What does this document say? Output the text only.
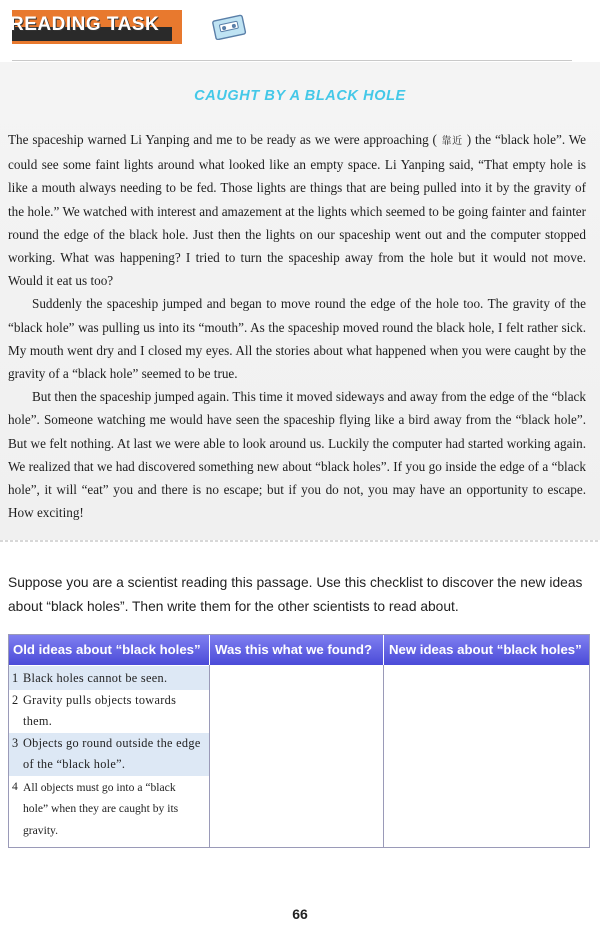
READING TASK
CAUGHT BY A BLACK HOLE

The spaceship warned Li Yanping and me to be ready as we were approaching ( 靠近 ) the “black hole”. We could see some faint lights around what looked like an empty space. Li Yanping said, “That empty hole is like a mouth always needing to be fed. Those lights are things that are being pulled into it by the gravity of the hole.” We watched with interest and amazement at the lights which seemed to be going fainter and fainter round the edge of the black hole. Just then the lights on our spaceship went out and the computer stopped working. What was happening? I tried to turn the spaceship away from the hole but it would not move. Would it eat us too?

Suddenly the spaceship jumped and began to move round the edge of the hole too. The gravity of the “black hole” was pulling us into its “mouth”. As the spaceship moved round the black hole, I felt rather sick. My mouth went dry and I closed my eyes. All the stories about what happened when you were caught by the gravity of a “black hole” seemed to be true.

But then the spaceship jumped again. This time it moved sideways and away from the edge of the “black hole”. Someone watching me would have seen the spaceship flying like a bird away from the “black hole”. But we felt nothing. At last we were able to look around us. Luckily the computer had started working again. We realized that we had discovered something new about “black holes”. If you go inside the edge of a “black hole”, it will “eat” you and there is no escape; but if you do not, you may have an opportunity to escape. How exciting!

Suppose you are a scientist reading this passage. Use this checklist to discover the new ideas about “black holes”. Then write them for the other scientists to read about.
Old ideas about “black holes”	Was this what we found?	New ideas about “black holes”
1 Black holes cannot be seen.
2 Gravity pulls objects towards them.
3 Objects go round outside the edge of the “black hole”.
4 All objects must go into a “black hole” when they are caught by its gravity.
66
